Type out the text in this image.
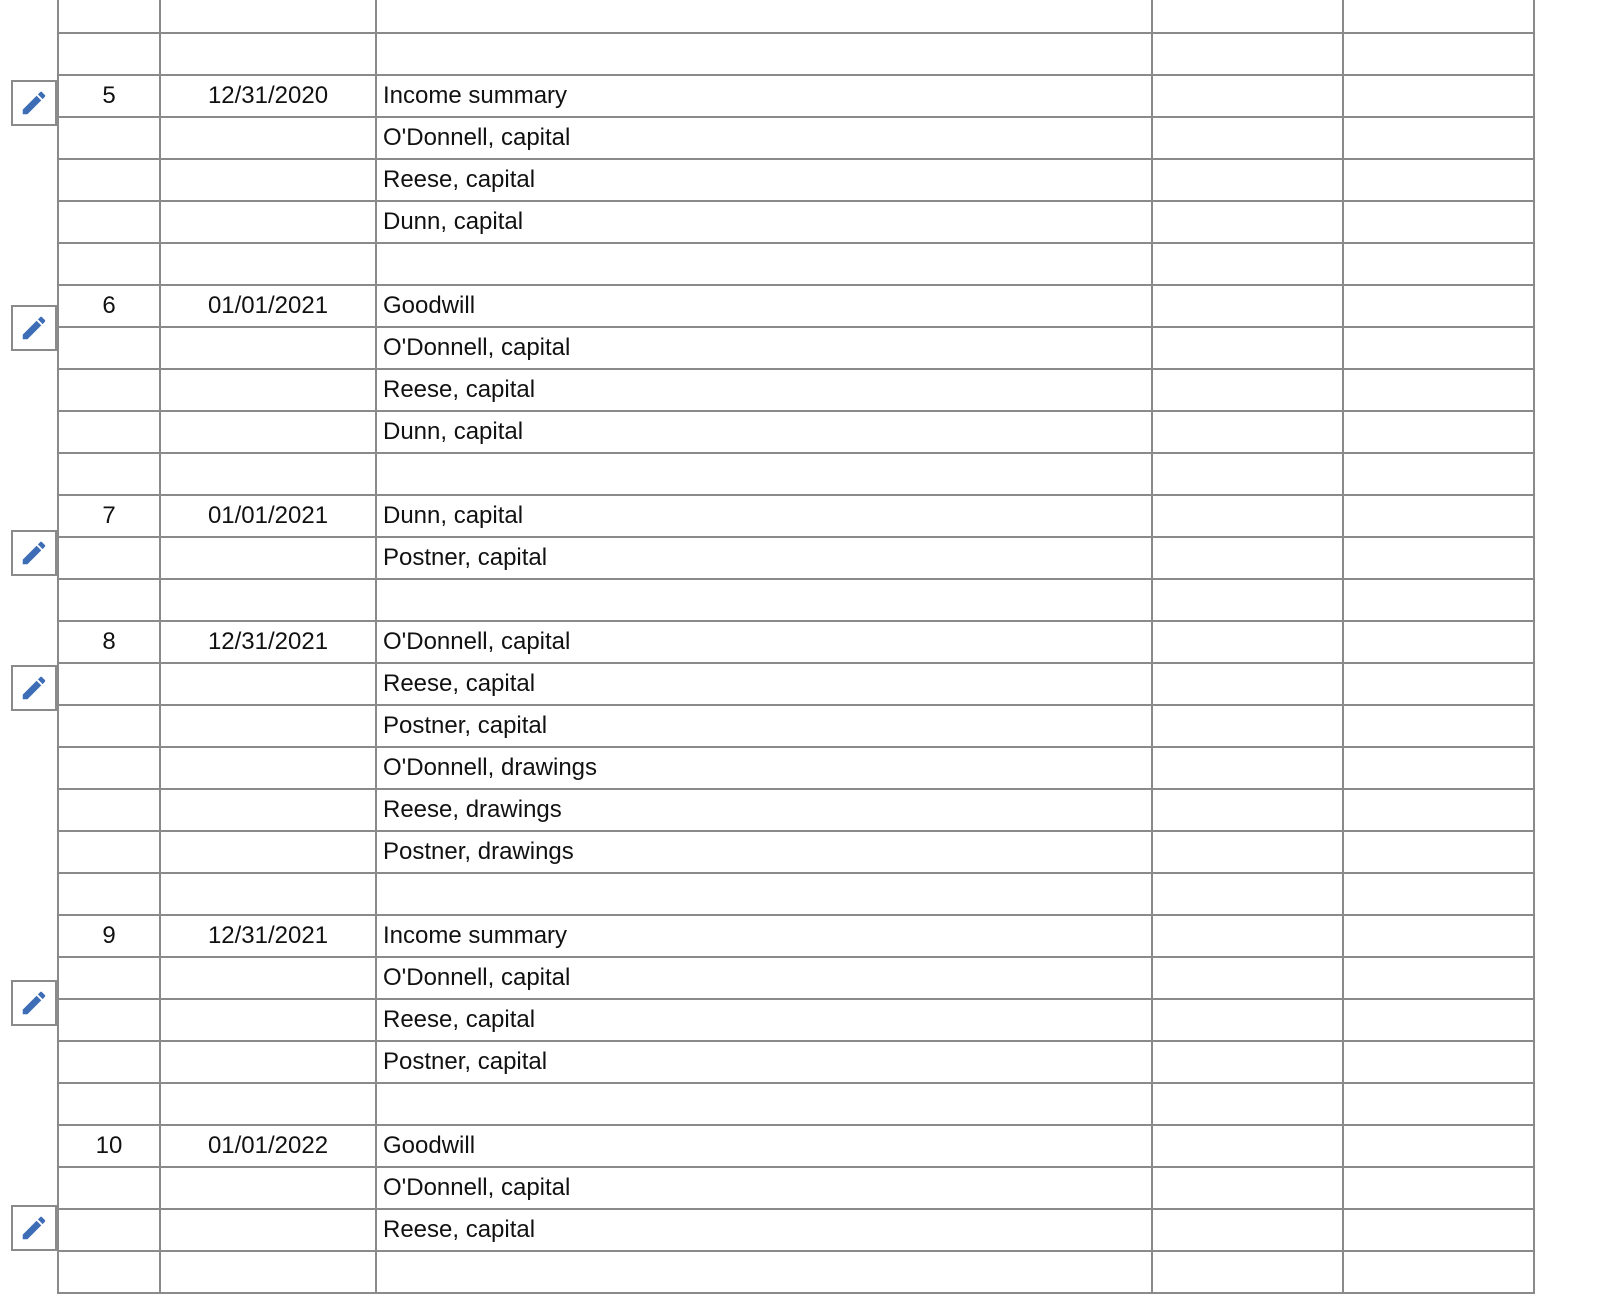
5	12/31/2020	Income summary		
		O'Donnell, capital		
		Reese, capital		
		Dunn, capital		

6	01/01/2021	Goodwill		
		O'Donnell, capital		
		Reese, capital		
		Dunn, capital		

7	01/01/2021	Dunn, capital		
		Postner, capital		

8	12/31/2021	O'Donnell, capital		
		Reese, capital		
		Postner, capital		
		O'Donnell, drawings		
		Reese, drawings		
		Postner, drawings		

9	12/31/2021	Income summary		
		O'Donnell, capital		
		Reese, capital		
		Postner, capital		

10	01/01/2022	Goodwill		
		O'Donnell, capital		
		Reese, capital		
